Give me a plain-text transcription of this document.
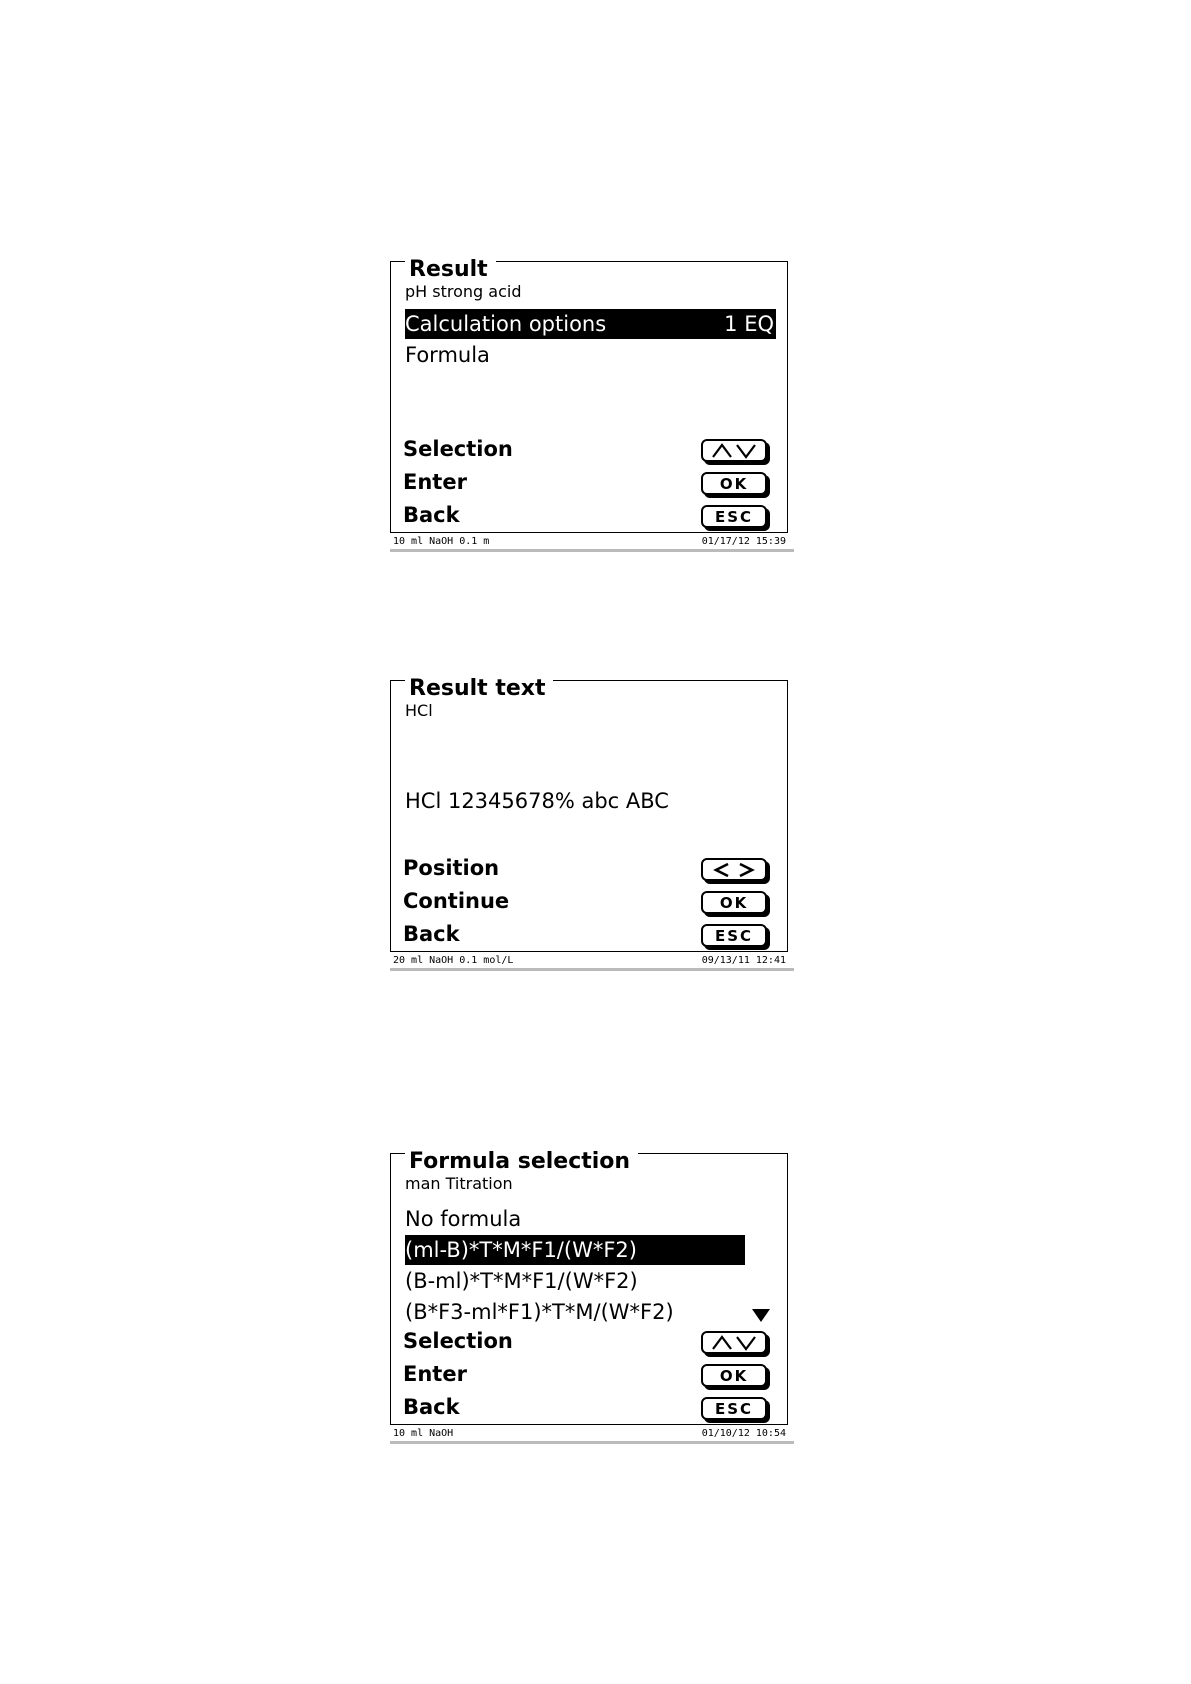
Result
pH strong acid
Calculation options	1 EQ
Formula
Selection
Enter	OK
Back	ESC
10 ml NaOH 0.1 m	01/17/12 15:39
Result text
HCl
HCl 12345678% abc ABC
Position
Continue	OK
Back	ESC
20 ml NaOH 0.1 mol/L	09/13/11 12:41
Formula selection
man Titration
No formula
(ml-B)*T*M*F1/(W*F2)
(B-ml)*T*M*F1/(W*F2)
(B*F3-ml*F1)*T*M/(W*F2)
Selection
Enter	OK
Back	ESC
10 ml NaOH	01/10/12 10:54
